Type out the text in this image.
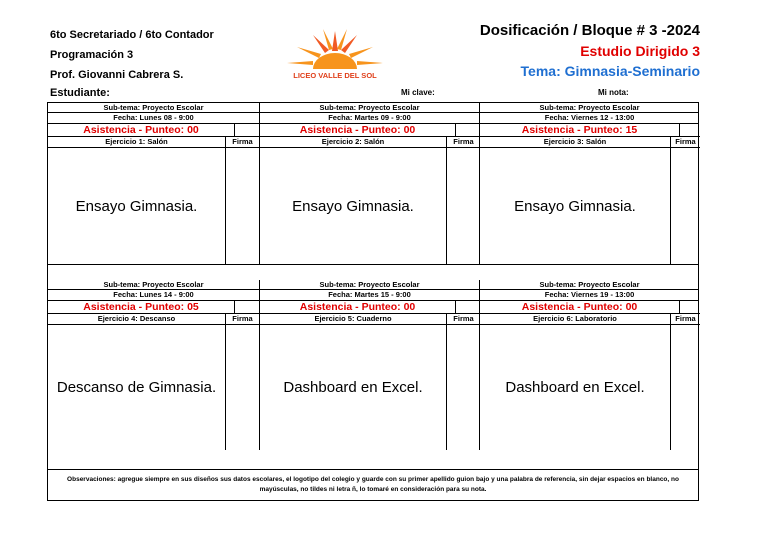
6to Secretariado / 6to Contador
Programación 3
Prof. Giovanni Cabrera S.	LICEO VALLE DEL SOL
Dosificación / Bloque # 3 -2024
Estudio Dirigido 3
Tema: Gimnasia-Seminario
Estudiante:	Mi clave:	Mi nota:
Sub-tema: Proyecto Escolar
Fecha: Lunes 08 - 9:00
Asistencia - Punteo: 00
Ejercicio 1: Salón	Firma
Ensayo Gimnasia.
Sub-tema: Proyecto Escolar
Fecha: Martes 09 - 9:00
Asistencia - Punteo: 00
Ejercicio 2: Salón	Firma
Ensayo Gimnasia.
Sub-tema: Proyecto Escolar
Fecha: Viernes 12 - 13:00
Asistencia - Punteo: 15
Ejercicio 3: Salón	Firma
Ensayo Gimnasia.
Sub-tema: Proyecto Escolar
Fecha: Lunes 14 - 9:00
Asistencia - Punteo: 05
Ejercicio 4: Descanso	Firma
Descanso de Gimnasia.
Sub-tema: Proyecto Escolar
Fecha: Martes 15 - 9:00
Asistencia - Punteo: 00
Ejercicio 5: Cuaderno	Firma
Dashboard en Excel.
Sub-tema: Proyecto Escolar
Fecha: Viernes 19 - 13:00
Asistencia - Punteo: 00
Ejercicio 6: Laboratorio	Firma
Dashboard en Excel.
Observaciones: agregue siempre en sus diseños sus datos escolares, el logotipo del colegio y guarde con su primer apellido guion bajo y una palabra de referencia, sin dejar espacios en blanco, no mayúsculas, no tildes ni letra ñ, lo tomaré en consideración para su nota.
